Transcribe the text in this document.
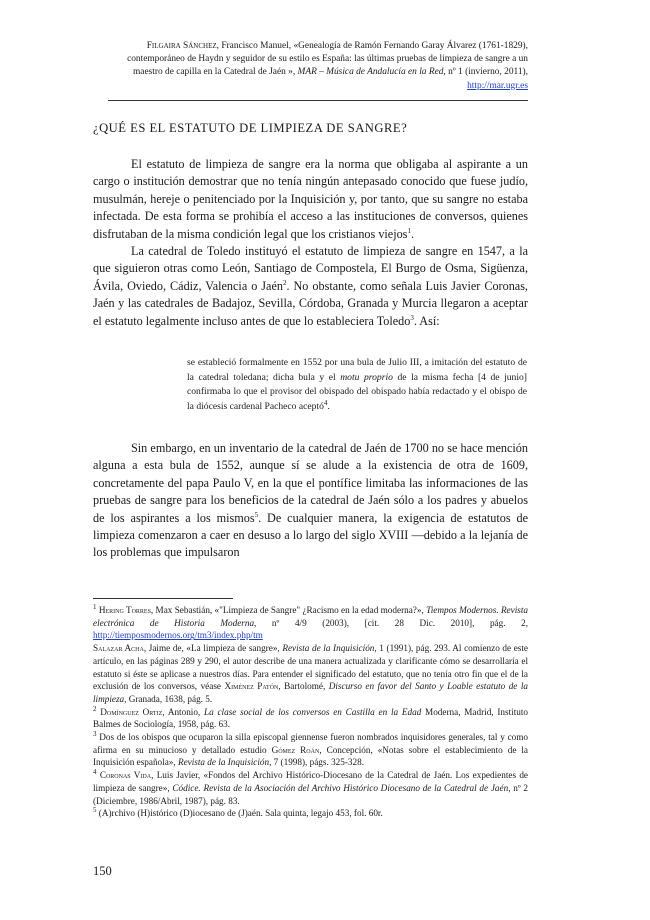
Filgaira Sánchez, Francisco Manuel, «Genealogía de Ramón Fernando Garay Álvarez (1761-1829), contemporáneo de Haydn y seguidor de su estilo es España: las últimas pruebas de limpieza de sangre a un maestro de capilla en la Catedral de Jaén », MAR – Música de Andalucía en la Red, nº 1 (invierno, 2011), http://mar.ugr.es
¿QUÉ ES EL ESTATUTO DE LIMPIEZA DE SANGRE?

El estatuto de limpieza de sangre era la norma que obligaba al aspirante a un cargo o institución demostrar que no tenía ningún antepasado conocido que fuese judío, musulmán, hereje o penitenciado por la Inquisición y, por tanto, que su sangre no estaba infectada. De esta forma se prohibía el acceso a las instituciones de conversos, quienes disfrutaban de la misma condición legal que los cristianos viejos$^1$.

La catedral de Toledo instituyó el estatuto de limpieza de sangre en 1547, a la que siguieron otras como León, Santiago de Compostela, El Burgo de Osma, Sigüenza, Ávila, Oviedo, Cádiz, Valencia o Jaén$^2$. No obstante, como señala Luis Javier Coronas, Jaén y las catedrales de Badajoz, Sevilla, Córdoba, Granada y Murcia llegaron a aceptar el estatuto legalmente incluso antes de que lo estableciera Toledo$^3$. Así:

se estableció formalmente en 1552 por una bula de Julio III, a imitación del estatuto de la catedral toledana; dicha bula y el motu proprio de la misma fecha [4 de junio] confirmaba lo que el provisor del obispado del obispado había redactado y el obispo de la diócesis cardenal Pacheco aceptó$^4$.

Sin embargo, en un inventario de la catedral de Jaén de 1700 no se hace mención alguna a esta bula de 1552, aunque sí se alude a la existencia de otra de 1609, concretamente del papa Paulo V, en la que el pontífice limitaba las informaciones de las pruebas de sangre para los beneficios de la catedral de Jaén sólo a los padres y abuelos de los aspirantes a los mismos$^5$. De cualquier manera, la exigencia de estatutos de limpieza comenzaron a caer en desuso a lo largo del siglo XVIII —debido a la lejanía de los problemas que impulsaron

$^1$ Hering Torres, Max Sebastián, «"Limpieza de Sangre" ¿Racismo en la edad moderna?», Tiempos Modernos. Revista electrónica de Historia Moderna, nº 4/9 (2003), [cit. 28 Dic. 2010], pág. 2, http://tiemposmodernos.org/tm3/index.php/tm
Salazar Acha, Jaime de, «La limpieza de sangre», Revista de la Inquisición, 1 (1991), pág. 293. Al comienzo de este artículo, en las páginas 289 y 290, el autor describe de una manera actualizada y clarificante cómo se desarrollaría el estatuto si éste se aplicase a nuestros días. Para entender el significado del estatuto, que no tenía otro fin que el de la exclusión de los conversos, véase Ximénez Patón, Bartolomé, Discurso en favor del Santo y Loable estatuto de la limpieza, Granada, 1638, pág. 5.

$^2$ Domínguez Ortiz, Antonio, La clase social de los conversos en Castilla en la Edad Moderna, Madrid, Instituto Balmes de Sociología, 1958, pág. 63.

$^3$ Dos de los obispos que ocuparon la silla episcopal giennense fueron nombrados inquisidores generales, tal y como afirma en su minucioso y detallado estudio Gómez Roán, Concepción, «Notas sobre el establecimiento de la Inquisición española», Revista de la Inquisición, 7 (1998), págs. 325-328.

$^4$ Coronas Vida, Luis Javier, «Fondos del Archivo Histórico-Diocesano de la Catedral de Jaén. Los expedientes de limpieza de sangre», Códice. Revista de la Asociación del Archivo Histórico Diocesano de la Catedral de Jaén, nº 2 (Diciembre, 1986/Abril, 1987), pág. 83.

$^5$ (A)rchivo (H)istórico (D)iocesano de (J)aén. Sala quinta, legajo 453, fol. 60r.

150
